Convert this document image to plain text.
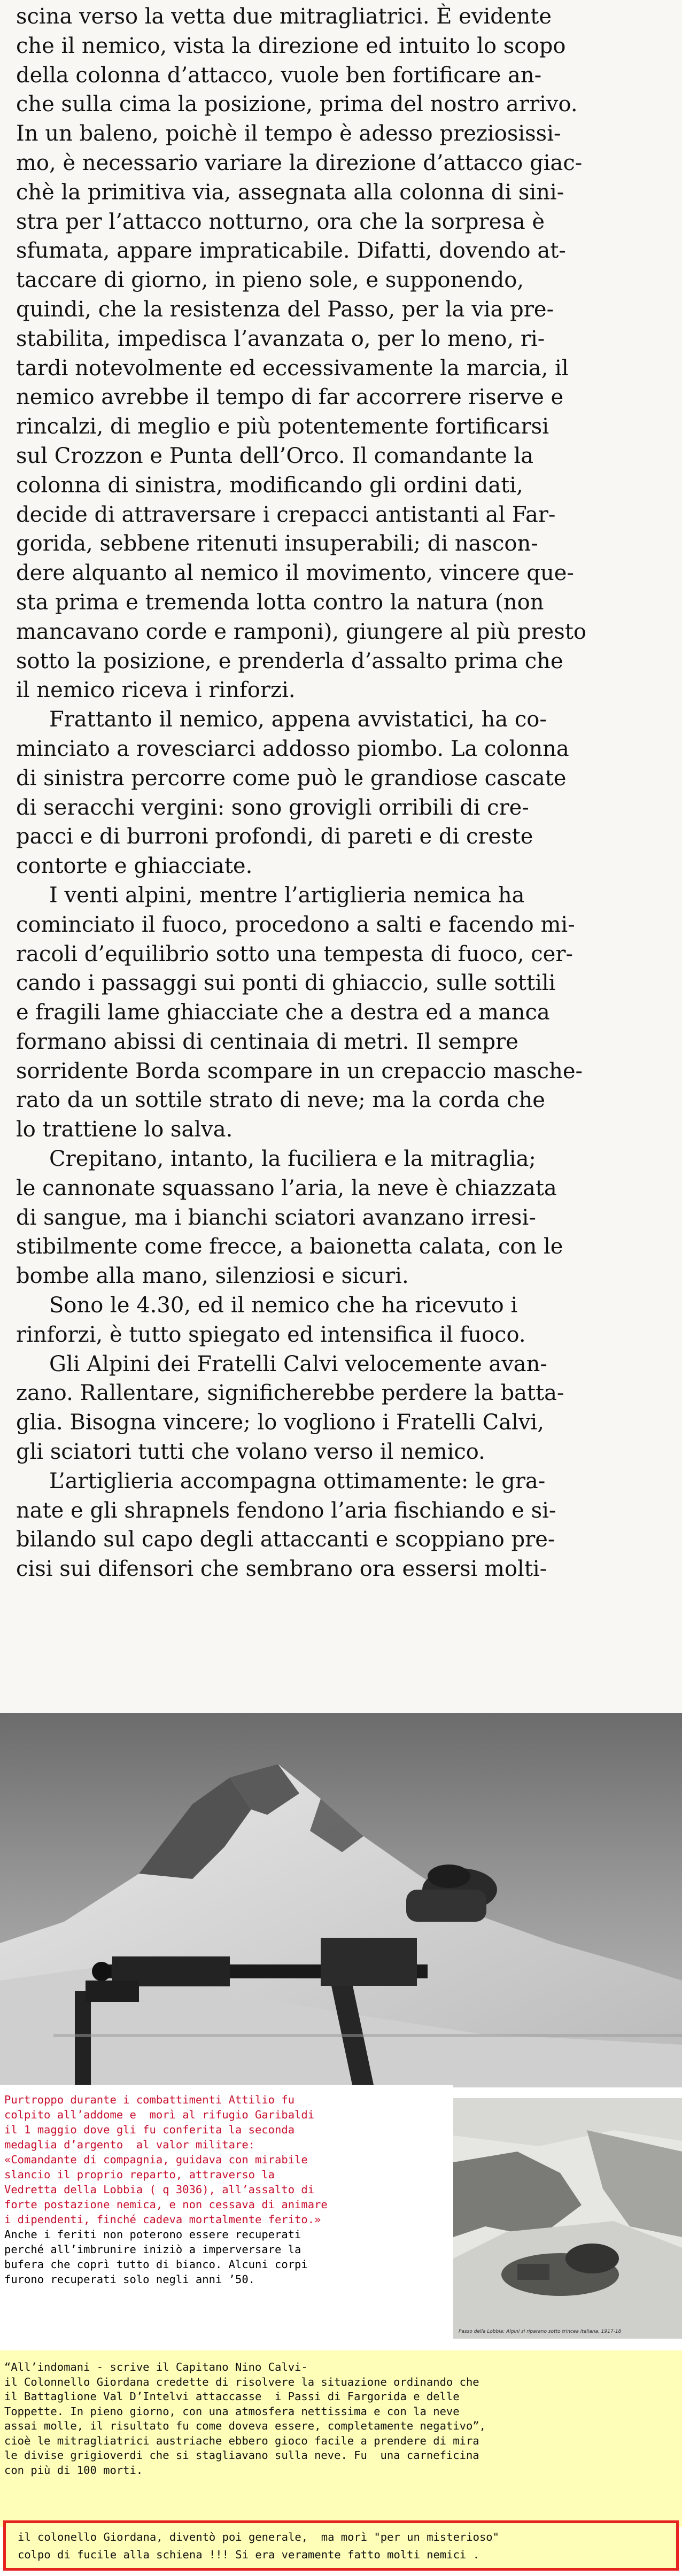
scina verso la vetta due mitragliatrici. È evidente
che il nemico, vista la direzione ed intuito lo scopo
della colonna d’attacco, vuole ben fortificare an-
che sulla cima la posizione, prima del nostro arrivo.
In un baleno, poichè il tempo è adesso preziosissi-
mo, è necessario variare la direzione d’attacco giac-
chè la primitiva via, assegnata alla colonna di sini-
stra per l’attacco notturno, ora che la sorpresa è
sfumata, appare impraticabile. Difatti, dovendo at-
taccare di giorno, in pieno sole, e supponendo,
quindi, che la resistenza del Passo, per la via pre-
stabilita, impedisca l’avanzata o, per lo meno, ri-
tardi notevolmente ed eccessivamente la marcia, il
nemico avrebbe il tempo di far accorrere riserve e
rincalzi, di meglio e più potentemente fortificarsi
sul Crozzon e Punta dell’Orco. Il comandante la
colonna di sinistra, modificando gli ordini dati,
decide di attraversare i crepacci antistanti al Far-
gorida, sebbene ritenuti insuperabili; di nascon-
dere alquanto al nemico il movimento, vincere que-
sta prima e tremenda lotta contro la natura (non
mancavano corde e ramponi), giungere al più presto
sotto la posizione, e prenderla d’assalto prima che
il nemico riceva i rinforzi.
Frattanto il nemico, appena avvistatici, ha co-
minciato a rovesciarci addosso piombo. La colonna
di sinistra percorre come può le grandiose cascate
di seracchi vergini: sono grovigli orribili di cre-
pacci e di burroni profondi, di pareti e di creste
contorte e ghiacciate.
I venti alpini, mentre l’artiglieria nemica ha
cominciato il fuoco, procedono a salti e facendo mi-
racoli d’equilibrio sotto una tempesta di fuoco, cer-
cando i passaggi sui ponti di ghiaccio, sulle sottili
e fragili lame ghiacciate che a destra ed a manca
formano abissi di centinaia di metri. Il sempre
sorridente Borda scompare in un crepaccio masche-
rato da un sottile strato di neve; ma la corda che
lo trattiene lo salva.
Crepitano, intanto, la fuciliera e la mitraglia;
le cannonate squassano l’aria, la neve è chiazzata
di sangue, ma i bianchi sciatori avanzano irresi-
stibilmente come frecce, a baionetta calata, con le
bombe alla mano, silenziosi e sicuri.
Sono le 4.30, ed il nemico che ha ricevuto i
rinforzi, è tutto spiegato ed intensifica il fuoco.
Gli Alpini dei Fratelli Calvi velocemente avan-
zano. Rallentare, significherebbe perdere la batta-
glia. Bisogna vincere; lo vogliono i Fratelli Calvi,
gli sciatori tutti che volano verso il nemico.
L’artiglieria accompagna ottimamente: le gra-
nate e gli shrapnels fendono l’aria fischiando e si-
bilando sul capo degli attaccanti e scoppiano pre-
cisi sui difensori che sembrano ora essersi molti-
Purtroppo durante i combattimenti Attilio fu
colpito all’addome e  morì al rifugio Garibaldi
il 1 maggio dove gli fu conferita la seconda
medaglia d’argento  al valor militare:
«Comandante di compagnia, guidava con mirabile
slancio il proprio reparto, attraverso la
Vedretta della Lobbia ( q 3036), all’assalto di
forte postazione nemica, e non cessava di animare
i dipendenti, finché cadeva mortalmente ferito.»
Anche i feriti non poterono essere recuperati
perché all’imbrunire iniziò a imperversare la
bufera che coprì tutto di bianco. Alcuni corpi
furono recuperati solo negli anni ’50.
Passo della Lobbia: Alpini si riparano sotto trincea italiana, 1917-18
“All’indomani - scrive il Capitano Nino Calvi-
il Colonnello Giordana credette di risolvere la situazione ordinando che
il Battaglione Val D’Intelvi attaccasse  i Passi di Fargorida e delle
Toppette. In pieno giorno, con una atmosfera nettissima e con la neve
assai molle, il risultato fu come doveva essere, completamente negativo”,
cioè le mitragliatrici austriache ebbero gioco facile a prendere di mira
le divise grigioverdi che si stagliavano sulla neve. Fu  una carneficina
con più di 100 morti.
il colonello Giordana, diventò poi generale,  ma morì "per un misterioso"
colpo di fucile alla schiena !!! Si era veramente fatto molti nemici .
